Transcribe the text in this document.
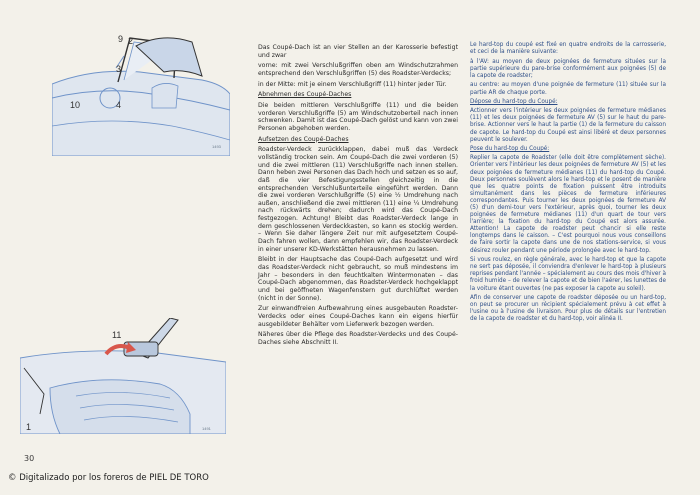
9 2
3
10	4
1493
11
1	1491

Das Coupé-Dach ist an vier Stellen an der Karosserie befestigt und zwar

vorne: mit zwei Verschlußgriffen oben am Windschutzrahmen entsprechend den Verschlußgriffen (5) des Roadster-Verdecks;

in der Mitte: mit je einem Verschlußgriff (11) hinter jeder Tür.

Abnehmen des Coupé-Daches

Die beiden mittleren Verschlußgriffe (11) und die beiden vorderen Verschlußgriffe (5) am Windschutzoberteil nach innen schwenken. Damit ist das Coupé-Dach gelöst und kann von zwei Personen abgehoben werden.

Aufsetzen des Coupé-Daches

Roadster-Verdeck zurückklappen, dabei muß das Verdeck vollständig trocken sein. Am Coupé-Dach die zwei vorderen (5) und die zwei mittleren (11) Verschlußgriffe nach innen stellen. Dann heben zwei Personen das Dach hoch und setzen es so auf, daß die vier Befestigungsstellen gleichzeitig in die entsprechenden Verschlußunterteile eingeführt werden. Dann die zwei vorderen Verschlußgriffe (5) eine ½ Umdrehung nach außen, anschließend die zwei mittleren (11) eine ¼ Umdrehung nach rückwärts drehen; dadurch wird das Coupé-Dach festgezogen. Achtung! Bleibt das Roadster-Verdeck lange in dem geschlossenen Verdeckkasten, so kann es stockig werden. – Wenn Sie daher längere Zeit nur mit aufgesetztem Coupé-Dach fahren wollen, dann empfehlen wir, das Roadster-Verdeck in einer unserer KD-Werkstätten herausnehmen zu lassen.

Bleibt in der Hauptsache das Coupé-Dach aufgesetzt und wird das Roadster-Verdeck nicht gebraucht, so muß mindestens im Jahr – besonders in den feuchtkalten Wintermonaten – das Coupé-Dach abgenommen, das Roadster-Verdeck hochgeklappt und bei geöffneten Wagenfenstern gut durchlüftet werden (nicht in der Sonne).

Zur einwandfreien Aufbewahrung eines ausgebauten Roadster-Verdecks oder eines Coupé-Daches kann ein eigens hierfür ausgebildeter Behälter vom Lieferwerk bezogen werden.

Näheres über die Pflege des Roadster-Verdecks und des Coupé-Daches siehe Abschnitt II.

Le hard-top du coupé est fixé en quatre endroits de la carrosserie, et ceci de la manière suivante:

à l'AV: au moyen de deux poignées de fermeture situées sur la partie supérieure du pare-brise conformément aux poignées (5) de la capote de roadster;

au centre: au moyen d'une poignée de fermeture (11) située sur la partie AR de chaque porte.

Dépose du hard-top du Coupé:

Actionner vers l'intérieur les deux poignées de fermeture médianes (11) et les deux poignées de fermeture AV (5) sur le haut du pare-brise. Actionner vers le haut la partie (1) de la fermeture du caisson de capote. Le hard-top du Coupé est ainsi libéré et deux personnes peuvent le soulever.

Pose du hard-top du Coupé:

Replier la capote de Roadster (elle doit être complètement sèche). Orienter vers l'intérieur les deux poignées de fermeture AV (5) et les deux poignées de fermeture médianes (11) du hard-top du Coupé. Deux personnes soulèvent alors le hard-top et le posent de manière que les quatre points de fixation puissent être introduits simultanément dans les pièces de fermeture inférieures correspondantes. Puis tourner les deux poignées de fermeture AV (5) d'un demi-tour vers l'extérieur, après quoi, tourner les deux poignées de fermeture médianes (11) d'un quart de tour vers l'arrière; la fixation du hard-top du Coupé est alors assurée. Attention! La capote de roadster peut chancir si elle reste longtemps dans le caisson. – C'est pourquoi nous vous conseillons de faire sortir la capote dans une de nos stations-service, si vous désirez rouler pendant une période prolongée avec le hard-top.

Si vous roulez, en règle générale, avec le hard-top et que la capote ne sert pas déposée, il conviendra d'enlever le hard-top à plusieurs reprises pendant l'année – spécialement au cours des mois d'hiver à froid humide – de relever la capote et de bien l'aérer, les lunettes de la voiture étant ouvertes (ne pas exposer la capote au soleil).

Afin de conserver une capote de roadster déposée ou un hard-top, on peut se procurer un récipient spécialement prévu à cet effet à l'usine ou à l'usine de livraison. Pour plus de détails sur l'entretien de la capote de roadster et du hard-top, voir alinéa II.

30
© Digitalizado por los foreros de PIEL DE TORO
